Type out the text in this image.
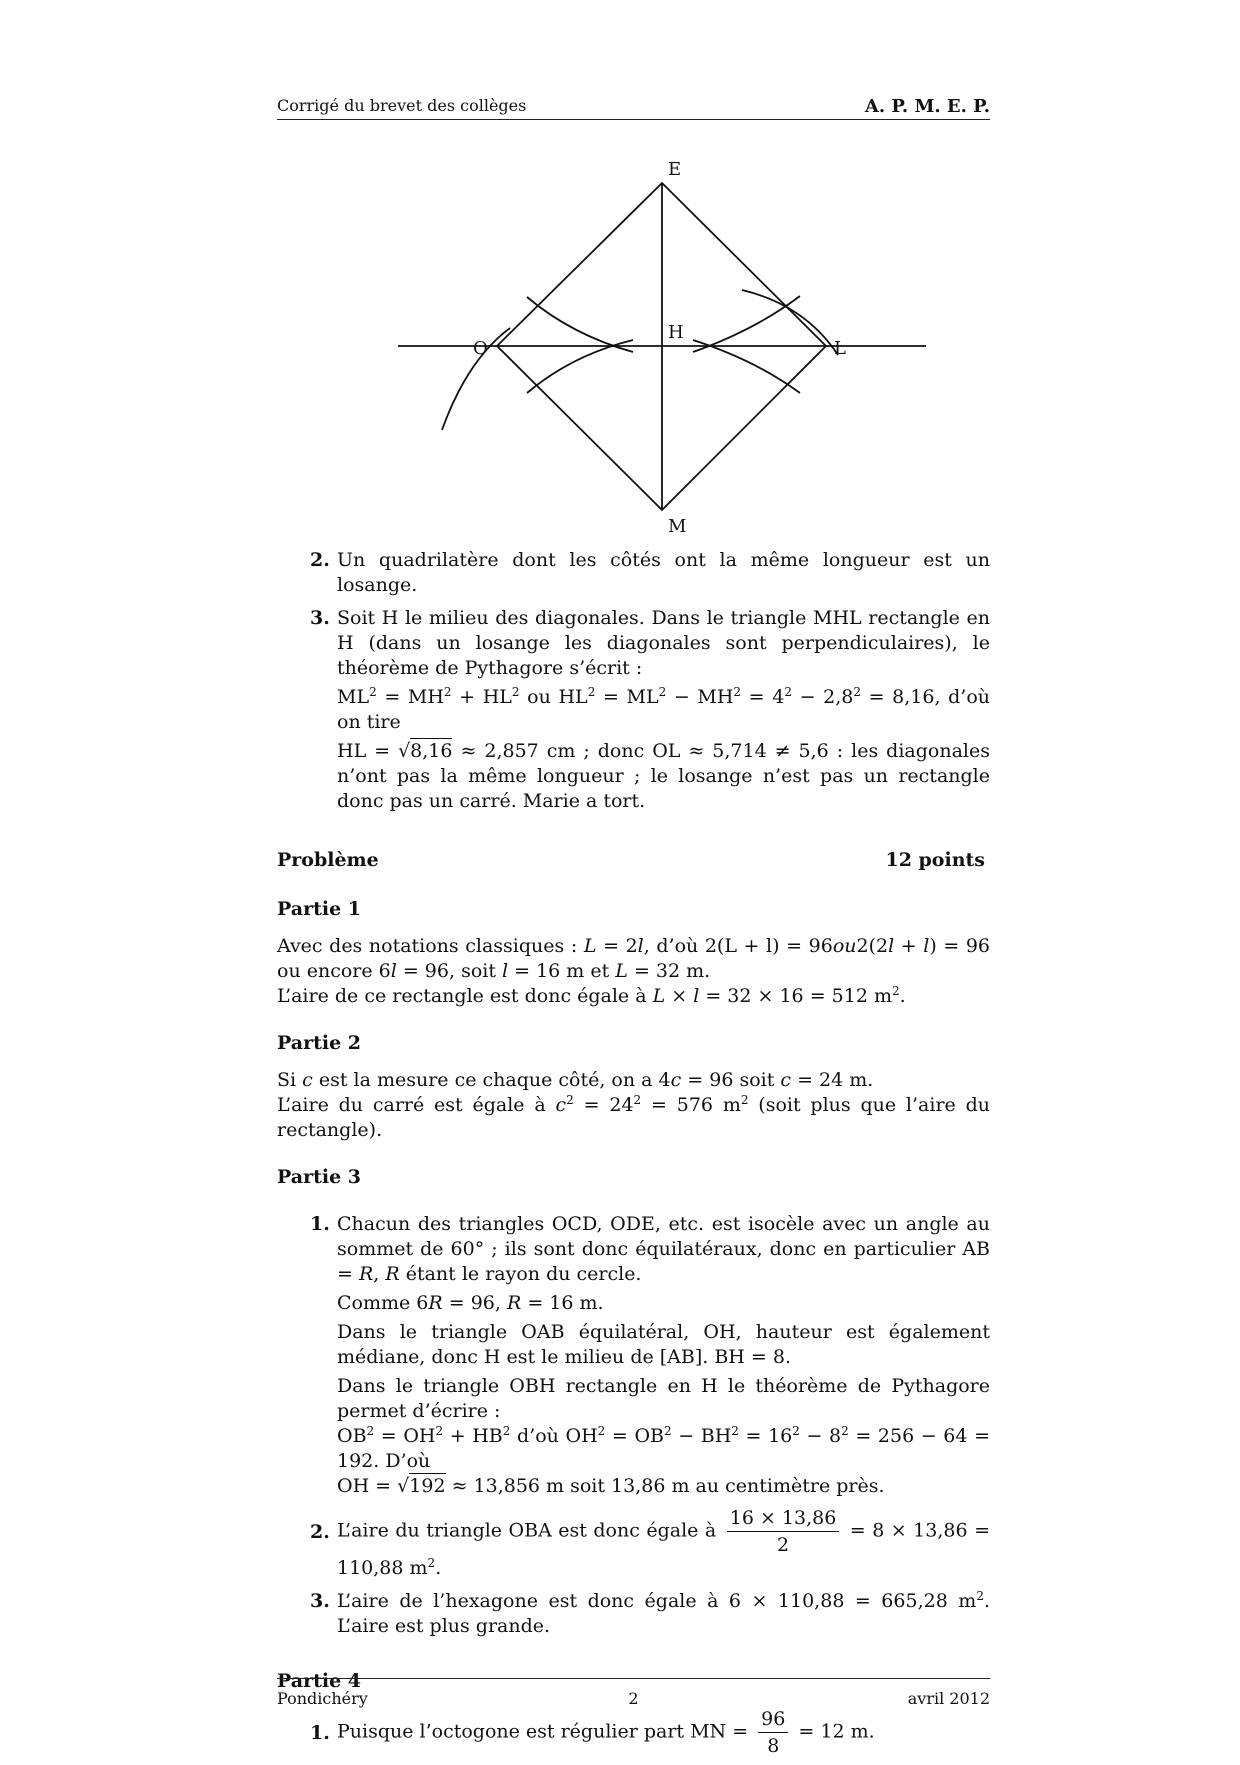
Corrigé du brevet des collèges	A. P. M. E. P.
E
H
O	L
M
2. Un quadrilatère dont les côtés ont la même longueur est un losange.

3. Soit H le milieu des diagonales. Dans le triangle MHL rectangle en H (dans un losange les diagonales sont perpendiculaires), le théorème de Pythagore s’écrit :

$ML^2 = MH^2 + HL^2$ ou $HL^2 = ML^2 - MH^2 = 4^2 - 2,8^2 = 8,16$, d’où on tire

HL = √8,16 ≈ 2,857 cm ; donc OL ≈ 5,714 ≠ 5,6 : les diagonales n’ont pas la même longueur ; le losange n’est pas un rectangle donc pas un carré. Marie a tort.

Problème	12 points

Partie 1

Avec des notations classiques : L = 2l, d’où 2(L + l) = 96ou2(2l + l) = 96 ou encore 6l = 96, soit l = 16 m et L = 32 m.
L’aire de ce rectangle est donc égale à L × l = 32 × 16 = 512 $m^2$.

Partie 2

Si c est la mesure ce chaque côté, on a 4c = 96 soit c = 24 m.
L’aire du carré est égale à $c^2 = 24^2 = 576$ $m^2$ (soit plus que l’aire du rectangle).

Partie 3

1. Chacun des triangles OCD, ODE, etc. est isocèle avec un angle au sommet de 60° ; ils sont donc équilatéraux, donc en particulier AB = R, R étant le rayon du cercle.

Comme 6R = 96, R = 16 m.

Dans le triangle OAB équilatéral, OH, hauteur est également médiane, donc H est le milieu de [AB]. BH = 8.

Dans le triangle OBH rectangle en H le théorème de Pythagore permet d’écrire :
$OB^2 = OH^2 + HB^2$ d’où $OH^2 = OB^2 - BH^2 = 16^2 - 8^2 = 256 - 64 = 192$. D’où
OH = √192 ≈ 13,856 m soit 13,86 m au centimètre près.

2. L’aire du triangle OBA est donc égale à $\frac{16 \times 13,86}{2} = 8 \times 13,86 = 110,88$ $m^2$.

3. L’aire de l’hexagone est donc égale à 6 × 110,88 = 665,28 $m^2$. L’aire est plus grande.

Partie 4

1. Puisque l’octogone est régulier part MN = $\frac{96}{8} = 12$ m.

Pondichéry	2	avril 2012
